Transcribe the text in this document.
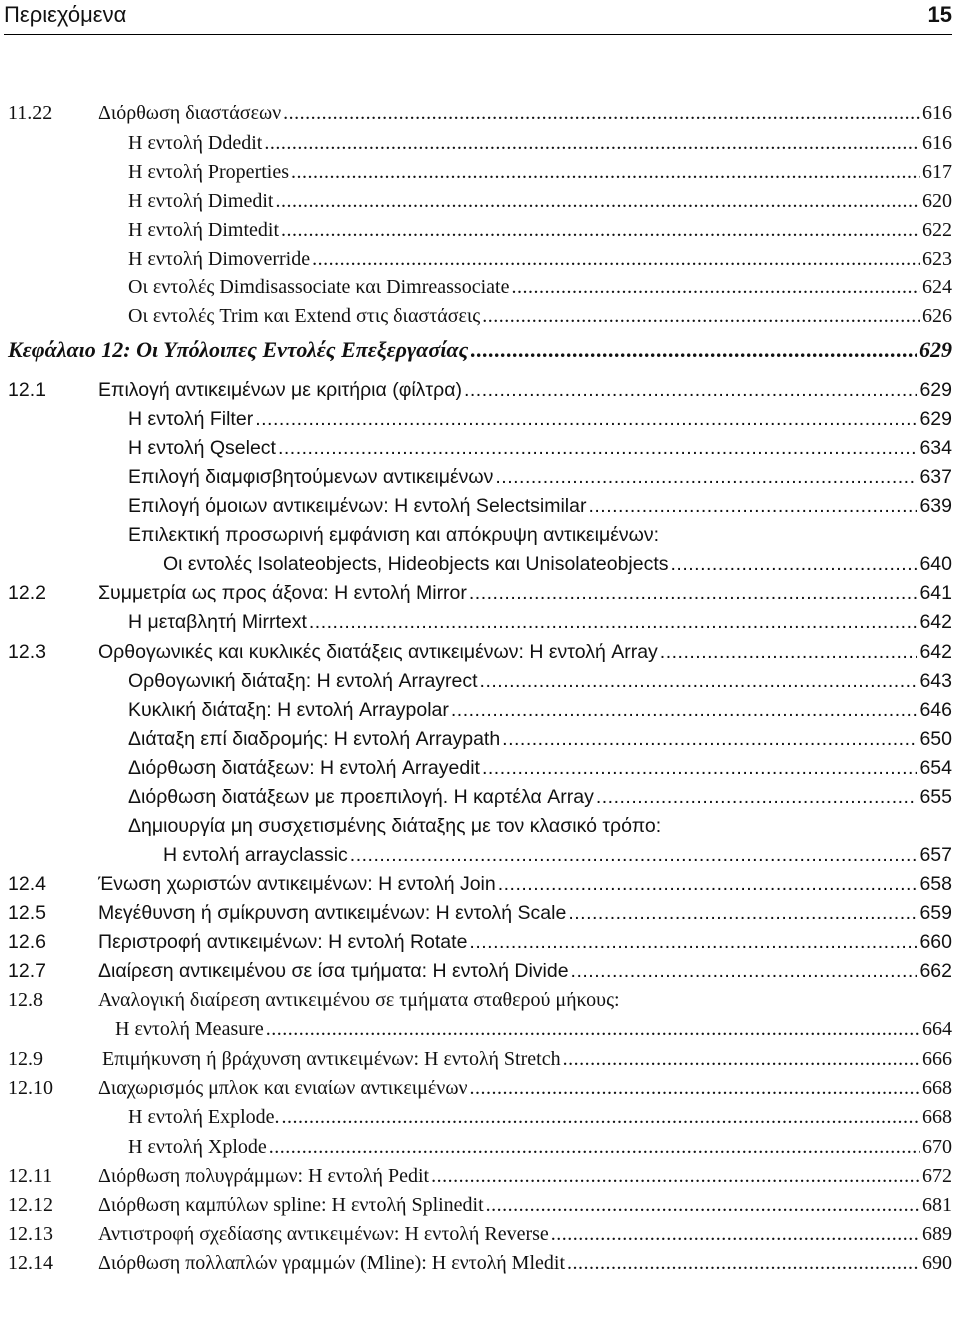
Περιεχόμενα	15
11.22 Διόρθωση διαστάσεων .....	616
Η εντολή Ddedit .....	616
Η εντολή Properties .....	617
Η εντολή Dimedit .....	620
Η εντολή Dimtedit .....	622
Η εντολή Dimoverride .....	623
Οι εντολές Dimdisassociate και Dimreassociate .....	624
Οι εντολές Trim και Extend στις διαστάσεις .....	626
Κεφάλαιο 12: Οι Υπόλοιπες Εντολές Επεξεργασίας .....	629
12.1	Επιλογή αντικειμένων με κριτήρια (φίλτρα) .....	629
Η εντολή Filter .....	629
Η εντολή Qselect .....	634
Επιλογή διαμφισβητούμενων αντικειμένων .....	637
Επιλογή όμοιων αντικειμένων: Η εντολή Selectsimilar .....	639
Επιλεκτική προσωρινή εμφάνιση και απόκρυψη αντικειμένων:
Οι εντολές Isolateobjects, Hideobjects και Unisolateobjects .....	640
12.2	Συμμετρία ως προς άξονα: Η εντολή Mirror .....	641
Η μεταβλητή Mirrtext .....	642
12.3	Ορθογωνικές και κυκλικές διατάξεις αντικειμένων: Η εντολή Array .....	642
Ορθογωνική διάταξη: Η εντολή Arrayrect .....	643
Κυκλική διάταξη: Η εντολή Arraypolar .....	646
Διάταξη επί διαδρομής: Η εντολή Arraypath .....	650
Διόρθωση διατάξεων: Η εντολή Arrayedit .....	654
Διόρθωση διατάξεων με προεπιλογή. Η καρτέλα Array .....	655
Δημιουργία μη συσχετισμένης διάταξης με τον κλασικό τρόπο:
Η εντολή arrayclassic .....	657
12.4	Ένωση χωριστών αντικειμένων: Η εντολή Join .....	658
12.5	Μεγέθυνση ή σμίκρυνση αντικειμένων: Η εντολή Scale .....	659
12.6	Περιστροφή αντικειμένων: Η εντολή Rotate .....	660
12.7	Διαίρεση αντικειμένου σε ίσα τμήματα: Η εντολή Divide .....	662
12.8	Αναλογική διαίρεση αντικειμένου σε τμήματα σταθερού μήκους:
Η εντολή Measure .....	664
12.9	Επιμήκυνση ή βράχυνση αντικειμένων: Η εντολή Stretch .....	666
12.10 Διαχωρισμός μπλοκ και ενιαίων αντικειμένων .....	668
Η εντολή Explode. .....	668
Η εντολή Xplode .....	670
12.11 Διόρθωση πολυγράμμων: Η εντολή Pedit .....	672
12.12 Διόρθωση καμπύλων spline: Η εντολή Splinedit .....	681
12.13 Αντιστροφή σχεδίασης αντικειμένων: Η εντολή Reverse .....	689
12.14 Διόρθωση πολλαπλών γραμμών (Mline): Η εντολή Mledit .....	690
